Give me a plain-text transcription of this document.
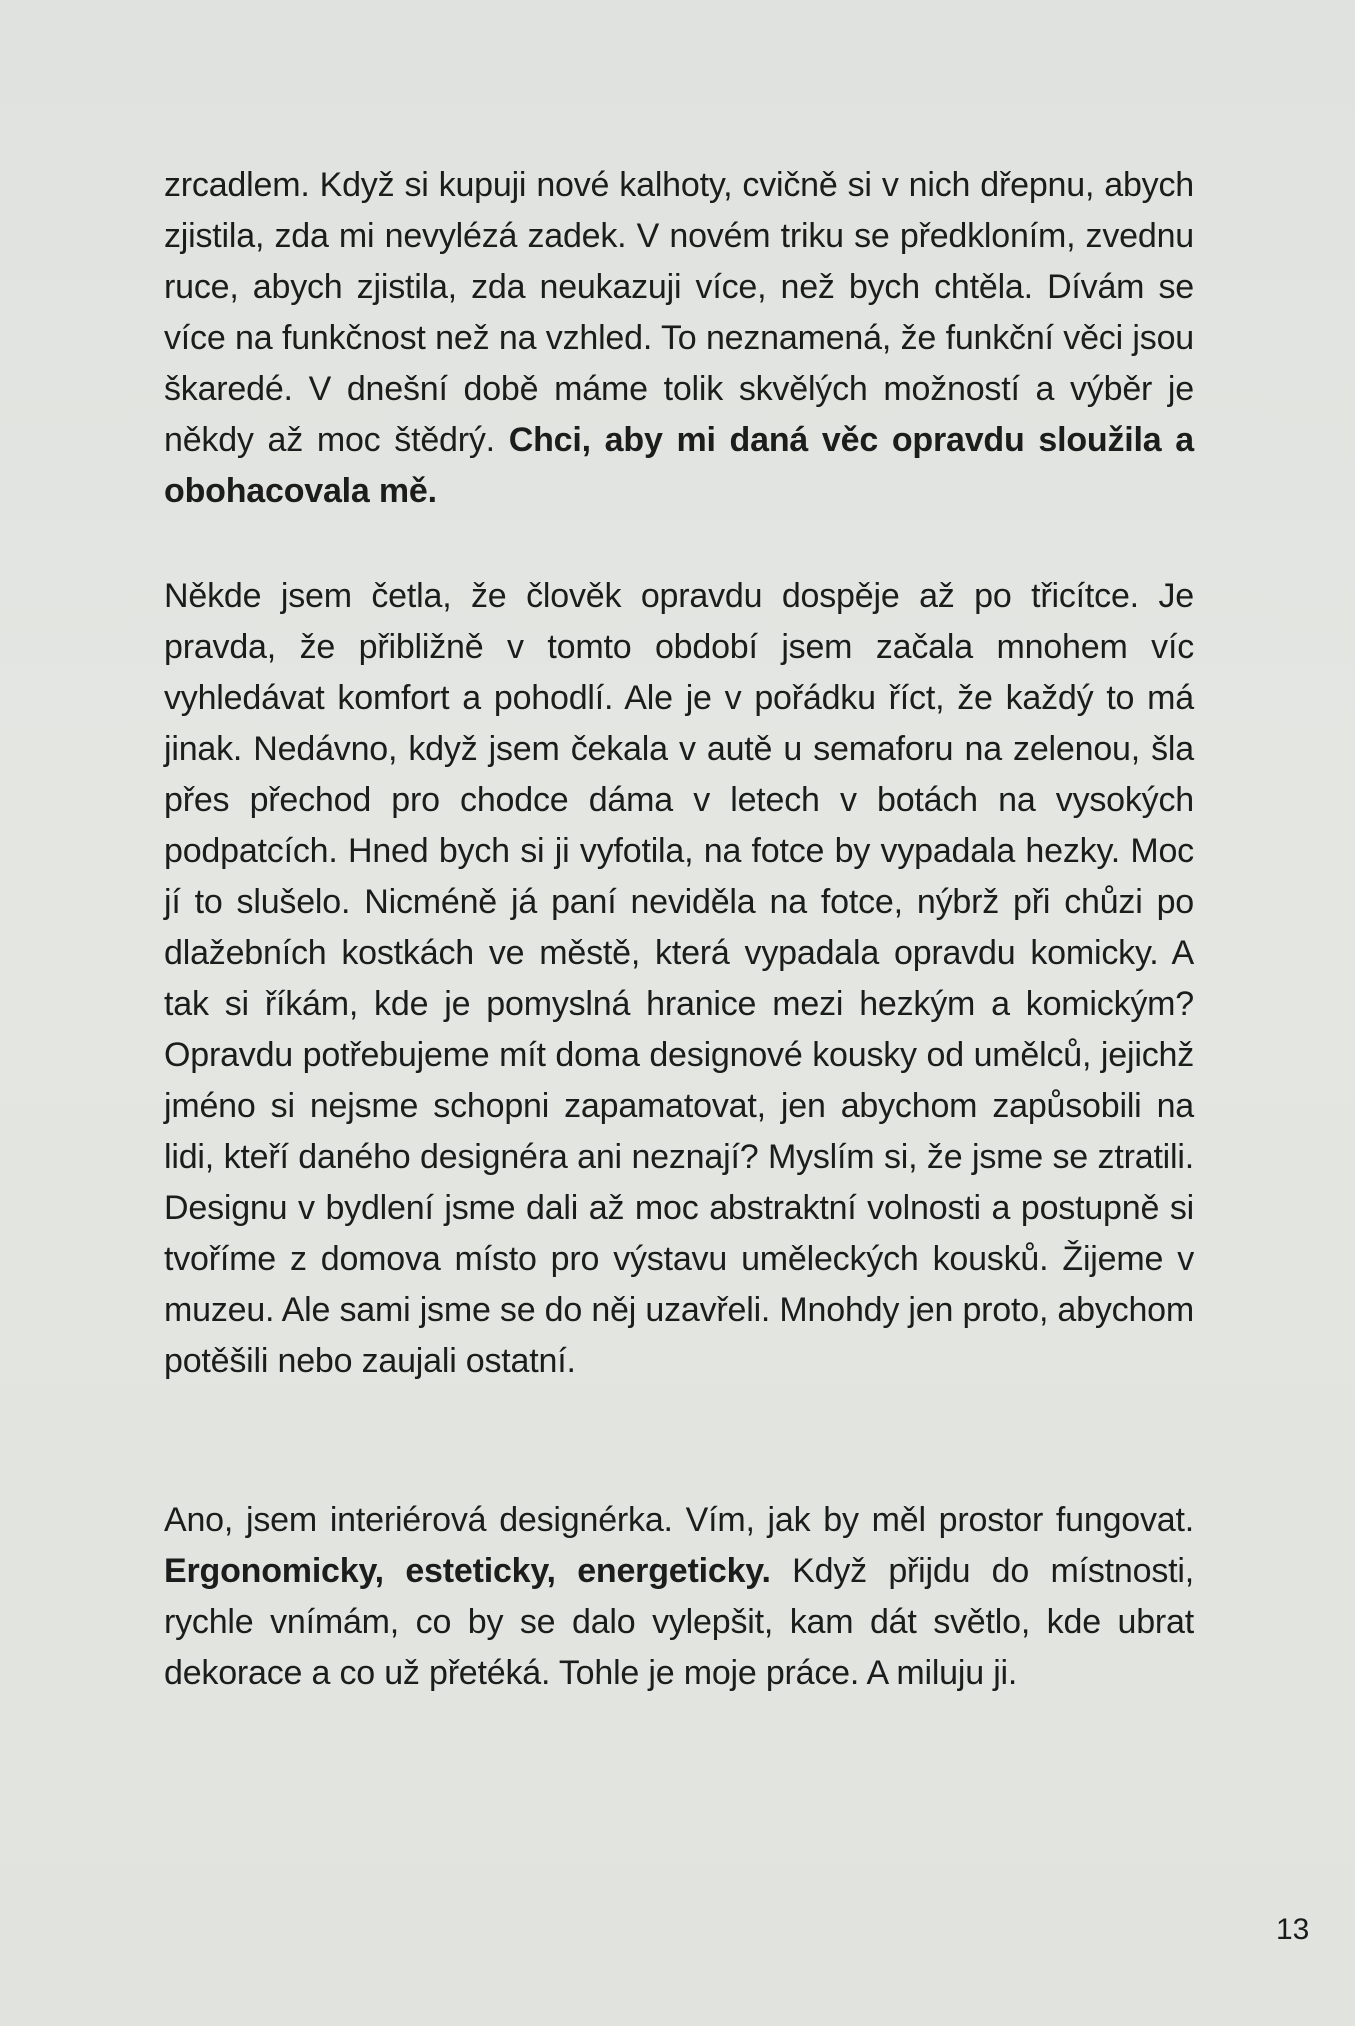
zrcadlem. Když si kupuji nové kalhoty, cvičně si v nich dřepnu, abych zjistila, zda mi nevylézá zadek. V novém triku se předkloním, zvednu ruce, abych zjistila, zda neukazuji více, než bych chtěla. Dívám se více na funkčnost než na vzhled. To neznamená, že funkční věci jsou škaredé. V dnešní době máme tolik skvělých možností a výběr je někdy až moc štědrý. Chci, aby mi daná věc opravdu sloužila a obohacovala mě.

Někde jsem četla, že člověk opravdu dospěje až po třicítce. Je pravda, že přibližně v tomto období jsem začala mnohem víc vyhledávat komfort a pohodlí. Ale je v pořádku říct, že každý to má jinak. Nedávno, když jsem čekala v autě u semaforu na zelenou, šla přes přechod pro chodce dáma v letech v botách na vysokých podpatcích. Hned bych si ji vyfotila, na fotce by vypadala hezky. Moc jí to slušelo. Nicméně já paní neviděla na fotce, nýbrž při chůzi po dlažebních kostkách ve městě, která vypadala opravdu komicky. A tak si říkám, kde je pomyslná hranice mezi hezkým a komickým? Opravdu potřebujeme mít doma designové kousky od umělců, jejichž jméno si nejsme schopni zapamatovat, jen abychom zapůsobili na lidi, kteří daného designéra ani neznají? Myslím si, že jsme se ztratili. Designu v bydlení jsme dali až moc abstraktní volnosti a postupně si tvoříme z domova místo pro výstavu uměleckých kousků. Žijeme v muzeu. Ale sami jsme se do něj uzavřeli. Mnohdy jen proto, abychom potěšili nebo zaujali ostatní.

Ano, jsem interiérová designérka. Vím, jak by měl prostor fungovat. Ergonomicky, esteticky, energeticky. Když přijdu do místnosti, rychle vnímám, co by se dalo vylepšit, kam dát světlo, kde ubrat dekorace a co už přetéká. Tohle je moje práce. A miluju ji.

13
